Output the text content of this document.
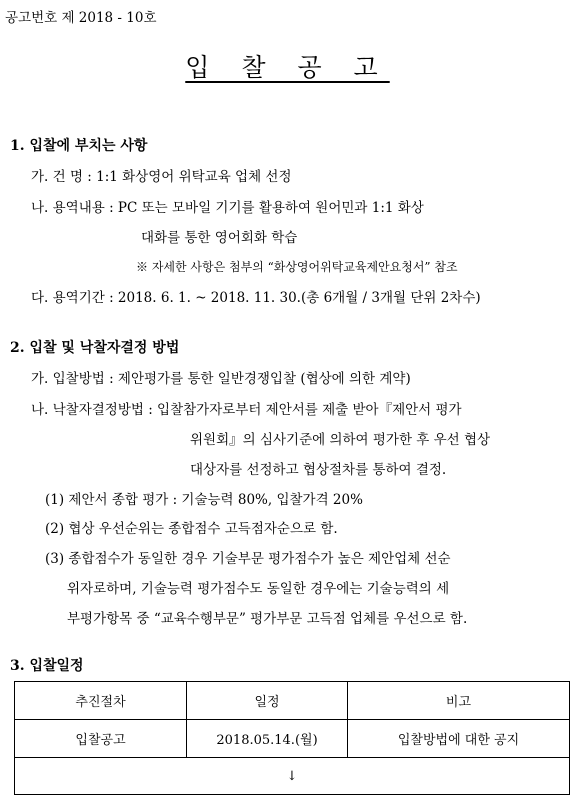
공고번호 제 2018 - 10호
입 찰 공 고
1. 입찰에 부치는 사항
가. 건 명 : 1:1 화상영어 위탁교육 업체 선정
나. 용역내용 : PC 또는 모바일 기기를 활용하여 원어민과 1:1 화상
대화를 통한 영어회화 학습
※ 자세한 사항은 첨부의 “화상영어위탁교육제안요청서” 참조
다. 용역기간 : 2018. 6. 1. ~ 2018. 11. 30.(총 6개월 / 3개월 단위 2차수)
2. 입찰 및 낙찰자결정 방법
가. 입찰방법 : 제안평가를 통한 일반경쟁입찰 (협상에 의한 계약)
나. 낙찰자결정방법 : 입찰참가자로부터 제안서를 제출 받아『제안서 평가
위원회』의 심사기준에 의하여 평가한 후 우선 협상
대상자를 선정하고 협상절차를 통하여 결정.
(1) 제안서 종합 평가 : 기술능력 80%, 입찰가격 20%
(2) 협상 우선순위는 종합점수 고득점자순으로 함.
(3) 종합점수가 동일한 경우 기술부문 평가점수가 높은 제안업체 선순
위자로하며, 기술능력 평가점수도 동일한 경우에는 기술능력의 세
부평가항목 중 “교육수행부문” 평가부문 고득점 업체를 우선으로 함.
3. 입찰일정
추진절차	일정	비고
입찰공고	2018.05.14.(월)	입찰방법에 대한 공지
↓		
